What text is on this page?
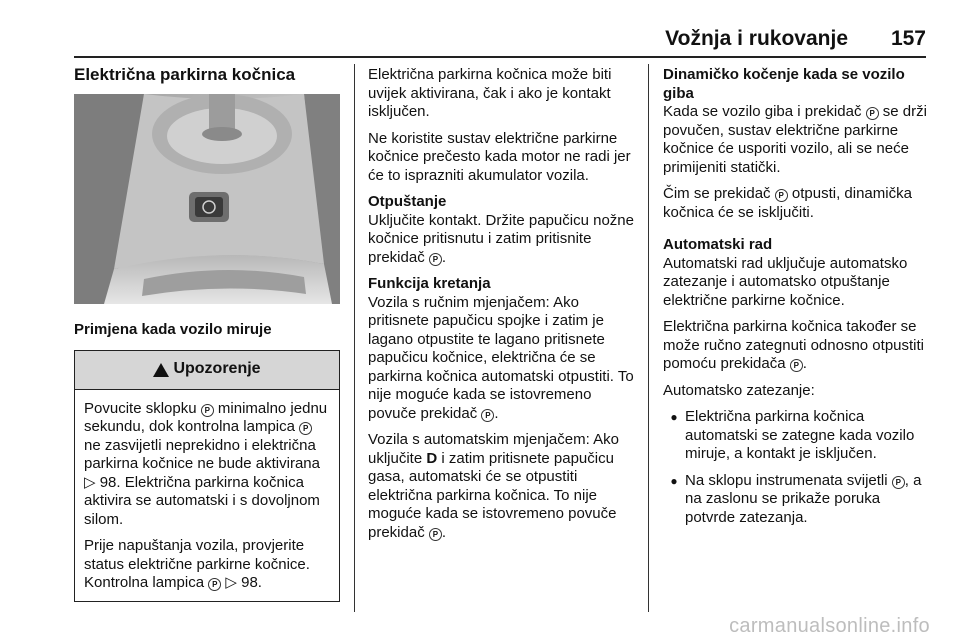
Vožnja i rukovanje 157
Električna parkirna kočnica
Primjena kada vozilo miruje
Upozorenje

Povucite sklopku P minimalno jednu sekundu, dok kontrolna lampica P ne zasvijetli neprekidno i električna parkirna kočnice ne bude aktivirana ▷ 98. Električna parkirna kočnica aktivira se automatski i s dovoljnom silom.

Prije napuštanja vozila, provjerite status električne parkirne kočnice. Kontrolna lampica P ▷ 98.

Električna parkirna kočnica može biti uvijek aktivirana, čak i ako je kontakt isključen.

Ne koristite sustav električne parkirne kočnice prečesto kada motor ne radi jer će to isprazniti akumulator vozila.

Otpuštanje

Uključite kontakt. Držite papučicu nožne kočnice pritisnutu i zatim pritisnite prekidač P .

Funkcija kretanja

Vozila s ručnim mjenjačem: Ako pritisnete papučicu spojke i zatim je lagano otpustite te lagano pritisnete papučicu kočnice, električna će se parkirna kočnica automatski otpustiti. To nije moguće kada se istovremeno povuče prekidač P .

Vozila s automatskim mjenjačem: Ako uključite D i zatim pritisnete papučicu gasa, automatski će se otpustiti električna parkirna kočnica. To nije moguće kada se istovremeno povuče prekidač P .

Dinamičko kočenje kada se vozilo giba

Kada se vozilo giba i prekidač P se drži povučen, sustav električne parkirne kočnice će usporiti vozilo, ali se neće primijeniti statički.

Čim se prekidač P otpusti, dinamička kočnica će se isključiti.

Automatski rad

Automatski rad uključuje automatsko zatezanje i automatsko otpuštanje električne parkirne kočnice.

Električna parkirna kočnica također se može ručno zategnuti odnosno otpustiti pomoću prekidača P .

Automatsko zatezanje:

● Električna parkirna kočnica automatski se zategne kada vozilo miruje, a kontakt je isključen.
● Na sklopu instrumenata svijetli P , a na zaslonu se prikaže poruka potvrde zatezanja.
carmanualsonline.info
